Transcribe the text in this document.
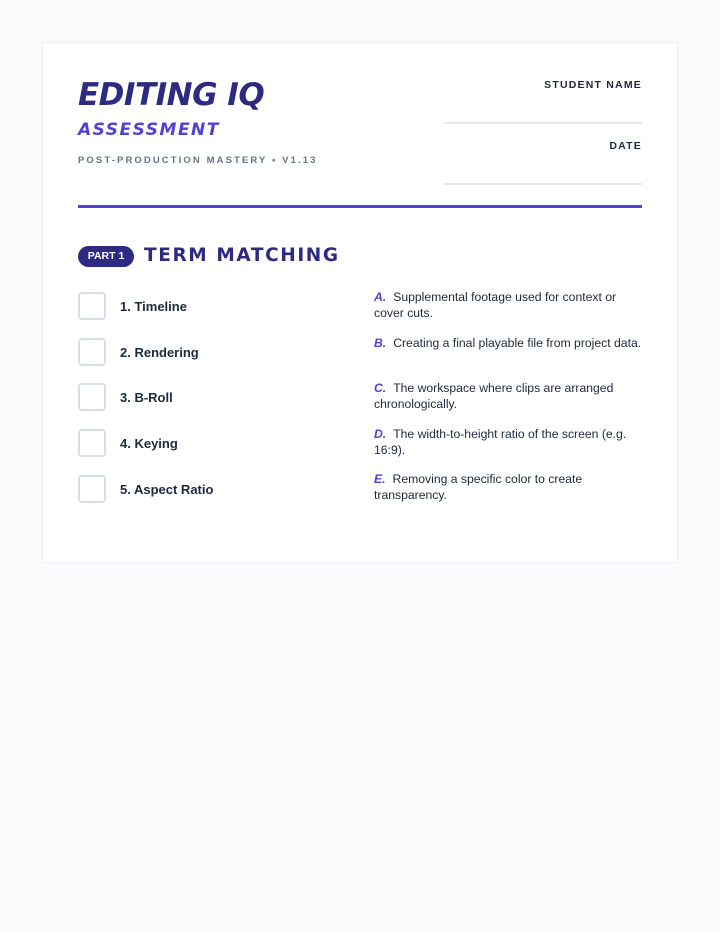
EDITING IQ
ASSESSMENT
POST-PRODUCTION MASTERY • V1.13
STUDENT NAME
DATE
PART 1	TERM MATCHING
1. Timeline
2. Rendering
3. B-Roll
4. Keying
5. Aspect Ratio
A. Supplemental footage used for context or cover cuts.
B. Creating a final playable file from project data.
C. The workspace where clips are arranged chronologically.
D. The width-to-height ratio of the screen (e.g. 16:9).
E. Removing a specific color to create transparency.
